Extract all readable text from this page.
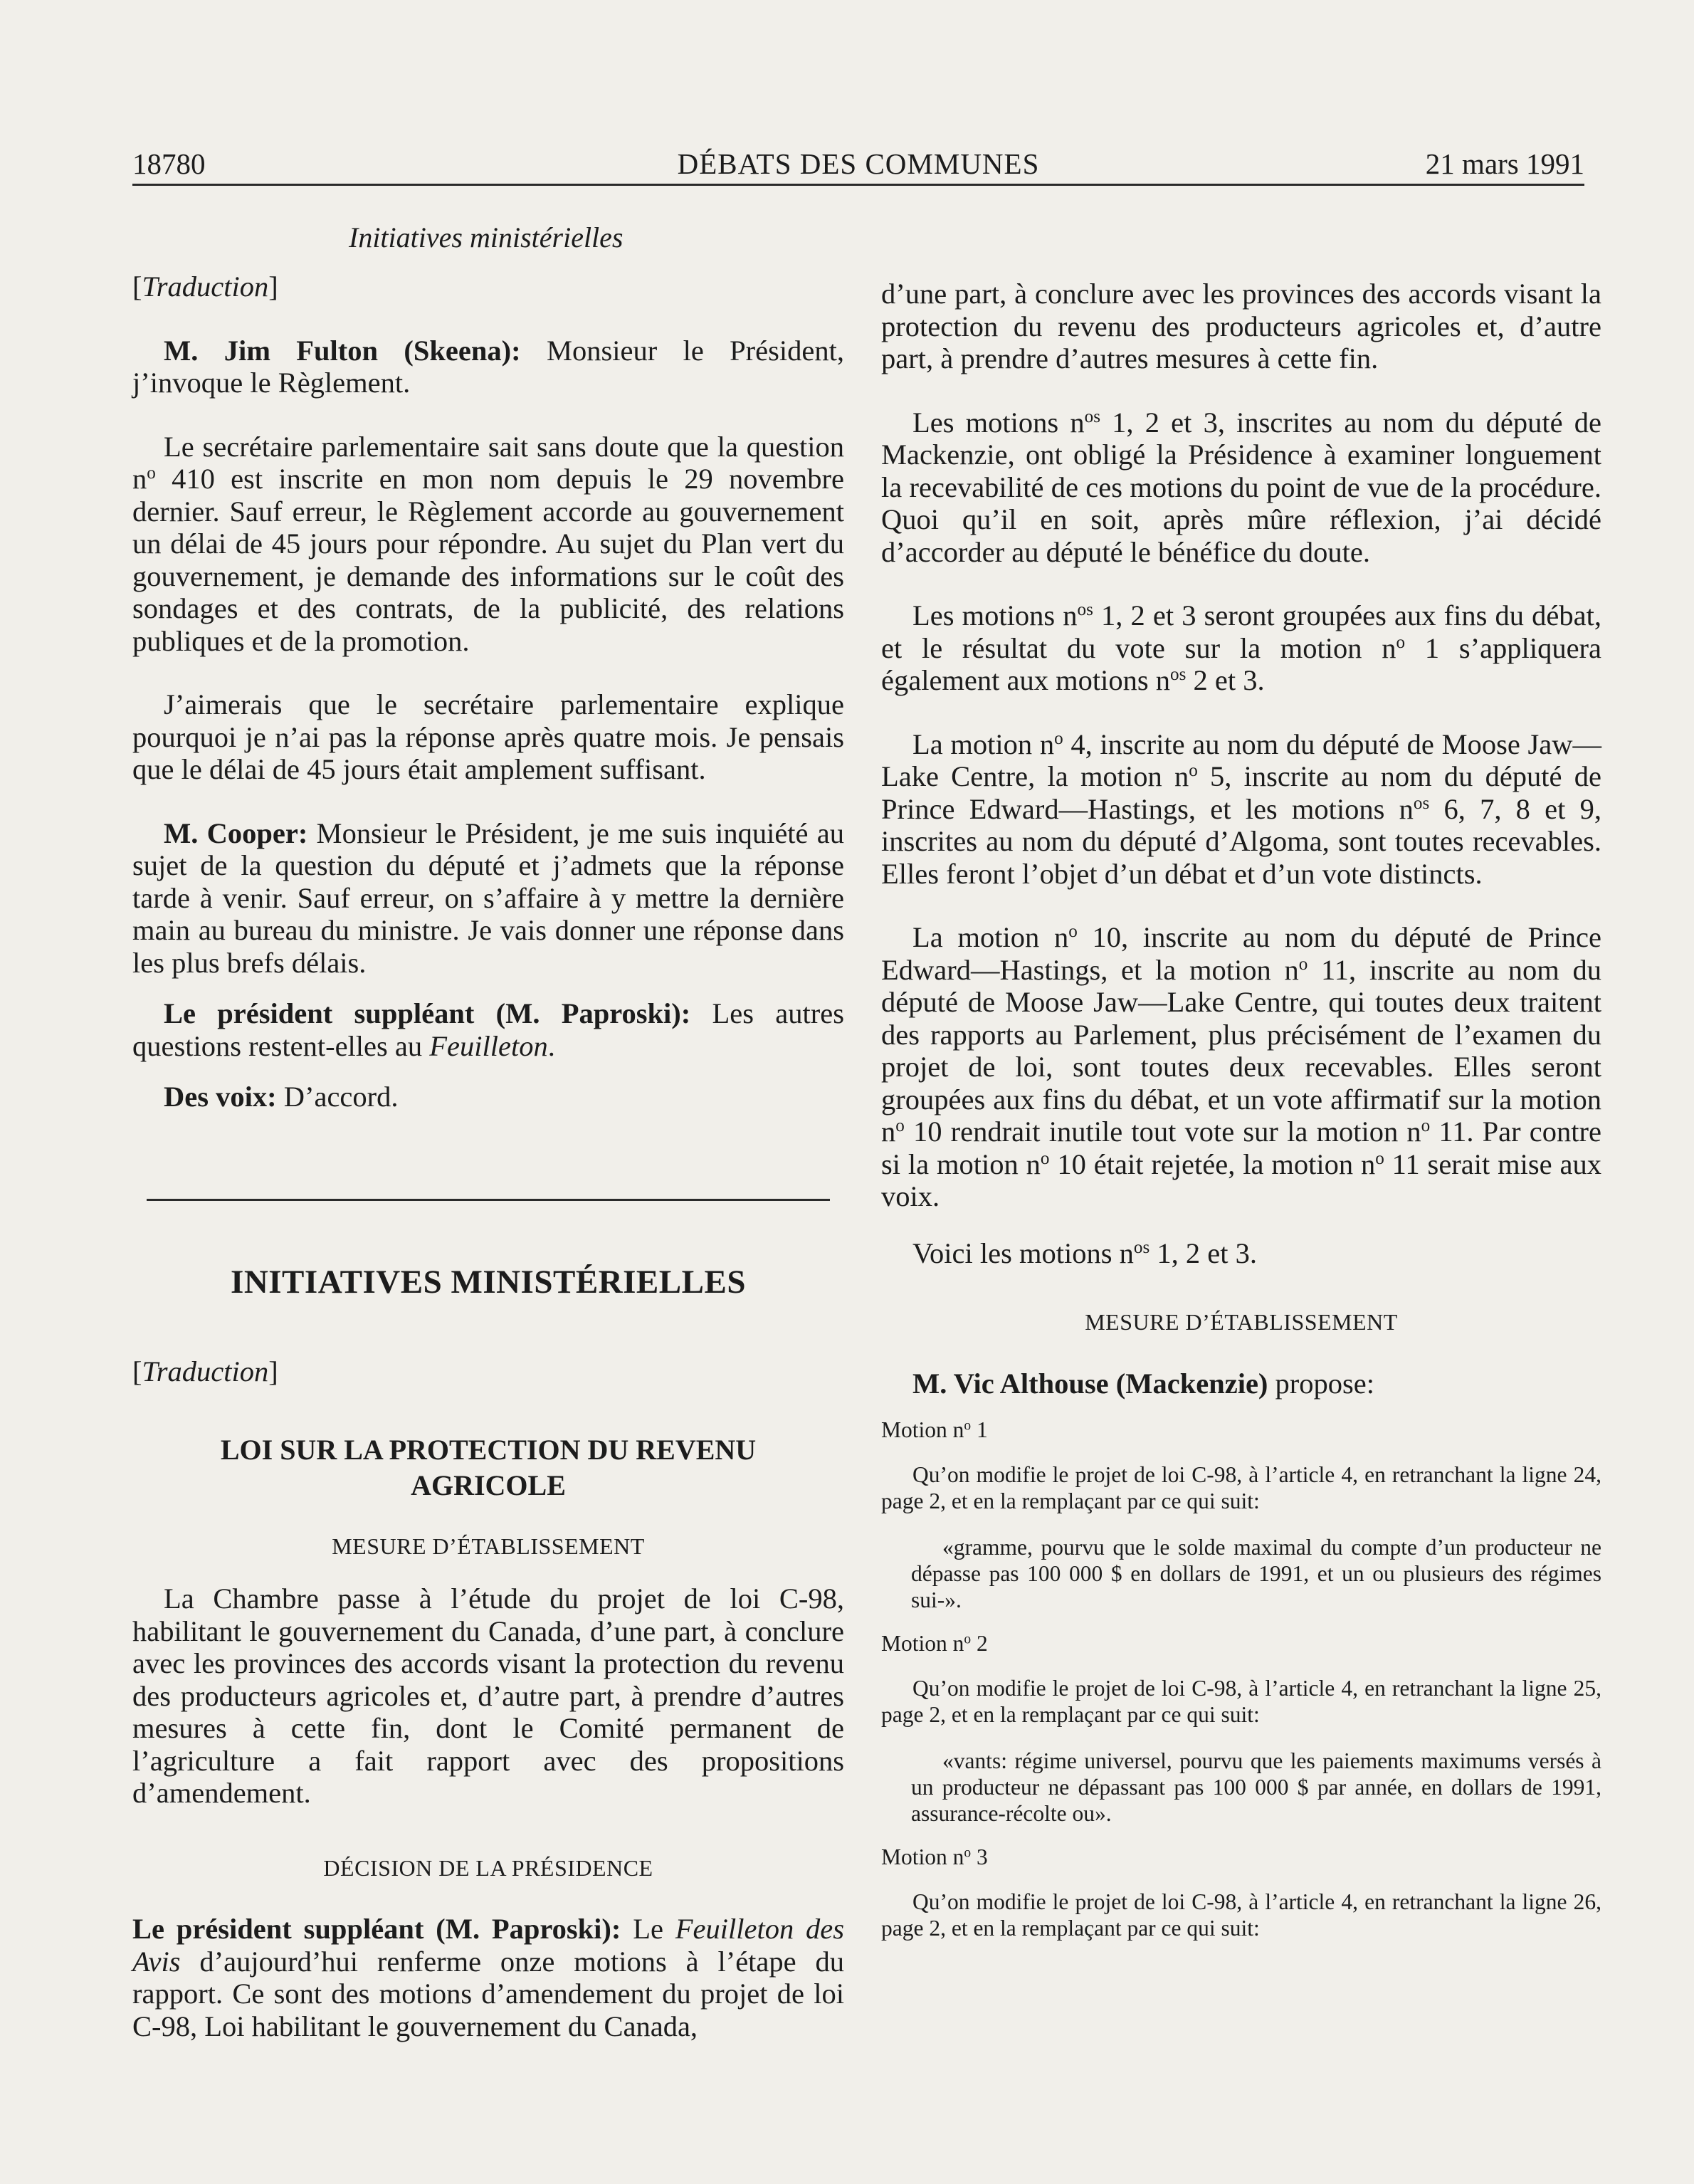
18780	DÉBATS DES COMMUNES	21 mars 1991
Initiatives ministérielles

[Traduction]

M. Jim Fulton (Skeena): Monsieur le Président, j’invoque le Règlement.

Le secrétaire parlementaire sait sans doute que la question $n^o$ 410 est inscrite en mon nom depuis le 29 novembre dernier. Sauf erreur, le Règlement accorde au gouvernement un délai de 45 jours pour répondre. Au sujet du Plan vert du gouvernement, je demande des informations sur le coût des sondages et des contrats, de la publicité, des relations publiques et de la promotion.

J’aimerais que le secrétaire parlementaire explique pourquoi je n’ai pas la réponse après quatre mois. Je pensais que le délai de 45 jours était amplement suffisant.

M. Cooper: Monsieur le Président, je me suis inquiété au sujet de la question du député et j’admets que la réponse tarde à venir. Sauf erreur, on s’affaire à y mettre la dernière main au bureau du ministre. Je vais donner une réponse dans les plus brefs délais.

Le président suppléant (M. Paproski): Les autres questions restent-elles au Feuilleton.

Des voix: D’accord.

INITIATIVES MINISTÉRIELLES

[Traduction]

LOI SUR LA PROTECTION DU REVENU
AGRICOLE
MESURE D’ÉTABLISSEMENT

La Chambre passe à l’étude du projet de loi C-98, habilitant le gouvernement du Canada, d’une part, à conclure avec les provinces des accords visant la protection du revenu des producteurs agricoles et, d’autre part, à prendre d’autres mesures à cette fin, dont le Comité permanent de l’agriculture a fait rapport avec des propositions d’amendement.

DÉCISION DE LA PRÉSIDENCE

Le président suppléant (M. Paproski): Le Feuilleton des Avis d’aujourd’hui renferme onze motions à l’étape du rapport. Ce sont des motions d’amendement du projet de loi C-98, Loi habilitant le gouvernement du Canada,

d’une part, à conclure avec les provinces des accords visant la protection du revenu des producteurs agricoles et, d’autre part, à prendre d’autres mesures à cette fin.

Les motions $n^{os}$ 1, 2 et 3, inscrites au nom du député de Mackenzie, ont obligé la Présidence à examiner longuement la recevabilité de ces motions du point de vue de la procédure. Quoi qu’il en soit, après mûre réflexion, j’ai décidé d’accorder au député le bénéfice du doute.

Les motions $n^{os}$ 1, 2 et 3 seront groupées aux fins du débat, et le résultat du vote sur la motion $n^o$ 1 s’appliquera également aux motions $n^{os}$ 2 et 3.

La motion $n^o$ 4, inscrite au nom du député de Moose Jaw—Lake Centre, la motion $n^o$ 5, inscrite au nom du député de Prince Edward—Hastings, et les motions $n^{os}$ 6, 7, 8 et 9, inscrites au nom du député d’Algoma, sont toutes recevables. Elles feront l’objet d’un débat et d’un vote distincts.

La motion $n^o$ 10, inscrite au nom du député de Prince Edward—Hastings, et la motion $n^o$ 11, inscrite au nom du député de Moose Jaw—Lake Centre, qui toutes deux traitent des rapports au Parlement, plus précisément de l’examen du projet de loi, sont toutes deux recevables. Elles seront groupées aux fins du débat, et un vote affirmatif sur la motion $n^o$ 10 rendrait inutile tout vote sur la motion $n^o$ 11. Par contre si la motion $n^o$ 10 était rejetée, la motion $n^o$ 11 serait mise aux voix.

Voici les motions $n^{os}$ 1, 2 et 3.

MESURE D’ÉTABLISSEMENT

M. Vic Althouse (Mackenzie) propose:

Motion $n^o$ 1

Qu’on modifie le projet de loi C-98, à l’article 4, en retranchant la ligne 24, page 2, et en la remplaçant par ce qui suit:

«gramme, pourvu que le solde maximal du compte d’un producteur ne dépasse pas 100 000 $ en dollars de 1991, et un ou plusieurs des régimes sui-».

Motion $n^o$ 2

Qu’on modifie le projet de loi C-98, à l’article 4, en retranchant la ligne 25, page 2, et en la remplaçant par ce qui suit:

«vants: régime universel, pourvu que les paiements maximums versés à un producteur ne dépassant pas 100 000 $ par année, en dollars de 1991, assurance-récolte ou».

Motion $n^o$ 3

Qu’on modifie le projet de loi C-98, à l’article 4, en retranchant la ligne 26, page 2, et en la remplaçant par ce qui suit:
